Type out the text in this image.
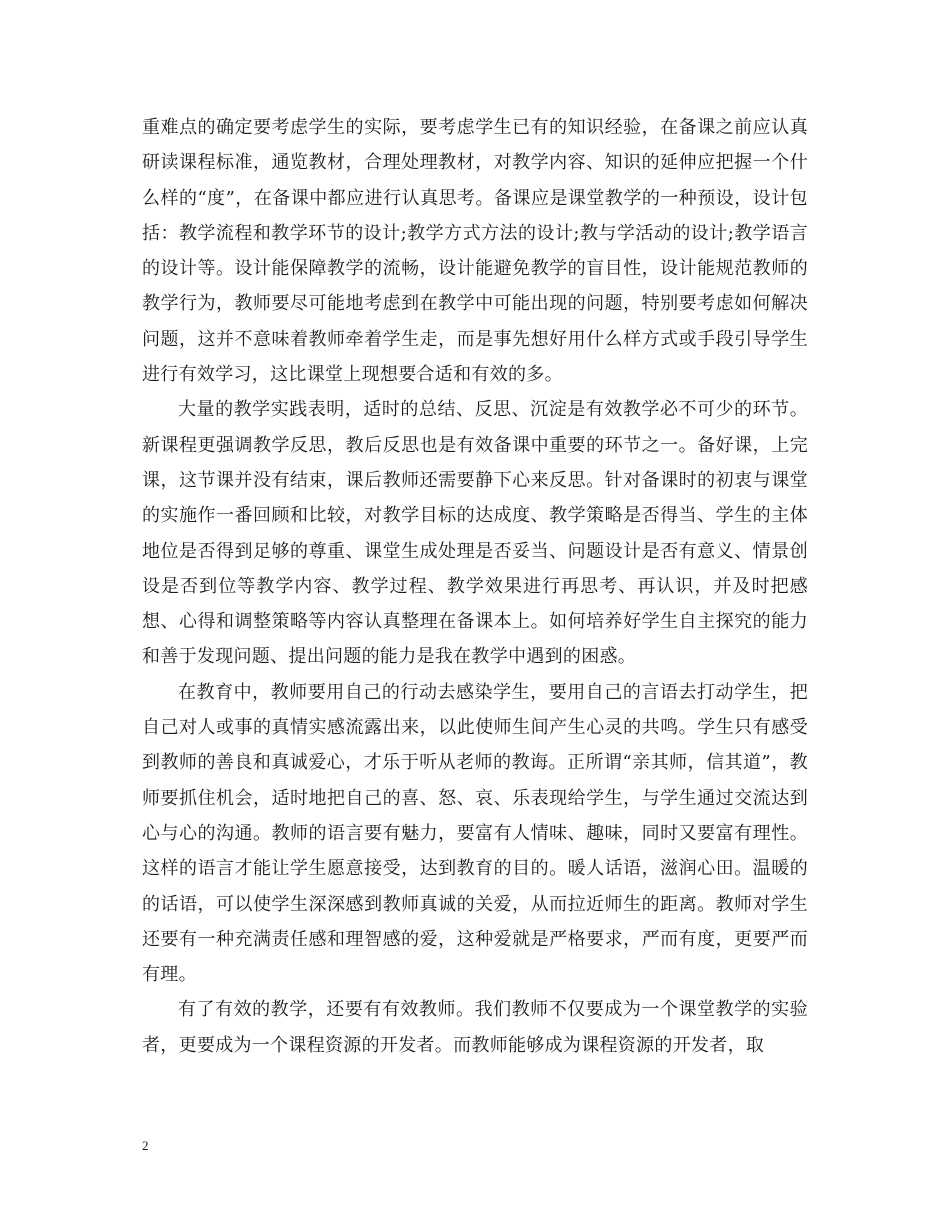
重难点的确定要考虑学生的实际，要考虑学生已有的知识经验，在备课之前应认真研读课程标准，通览教材，合理处理教材，对教学内容、知识的延伸应把握一个什么样的“度”，在备课中都应进行认真思考。备课应是课堂教学的一种预设，设计包括：教学流程和教学环节的设计;教学方式方法的设计;教与学活动的设计;教学语言的设计等。设计能保障教学的流畅，设计能避免教学的盲目性，设计能规范教师的教学行为，教师要尽可能地考虑到在教学中可能出现的问题，特别要考虑如何解决问题，这并不意味着教师牵着学生走，而是事先想好用什么样方式或手段引导学生进行有效学习，这比课堂上现想要合适和有效的多。

大量的教学实践表明，适时的总结、反思、沉淀是有效教学必不可少的环节。新课程更强调教学反思，教后反思也是有效备课中重要的环节之一。备好课，上完课，这节课并没有结束，课后教师还需要静下心来反思。针对备课时的初衷与课堂的实施作一番回顾和比较，对教学目标的达成度、教学策略是否得当、学生的主体地位是否得到足够的尊重、课堂生成处理是否妥当、问题设计是否有意义、情景创设是否到位等教学内容、教学过程、教学效果进行再思考、再认识，并及时把感想、心得和调整策略等内容认真整理在备课本上。如何培养好学生自主探究的能力和善于发现问题、提出问题的能力是我在教学中遇到的困惑。

在教育中，教师要用自己的行动去感染学生，要用自己的言语去打动学生，把自己对人或事的真情实感流露出来，以此使师生间产生心灵的共鸣。学生只有感受到教师的善良和真诚爱心，才乐于听从老师的教诲。正所谓“亲其师，信其道”，教师要抓住机会，适时地把自己的喜、怒、哀、乐表现给学生，与学生通过交流达到心与心的沟通。教师的语言要有魅力，要富有人情味、趣味，同时又要富有理性。这样的语言才能让学生愿意接受，达到教育的目的。暖人话语，滋润心田。温暖的的话语，可以使学生深深感到教师真诚的关爱，从而拉近师生的距离。教师对学生还要有一种充满责任感和理智感的爱，这种爱就是严格要求，严而有度，更要严而有理。

有了有效的教学，还要有有效教师。我们教师不仅要成为一个课堂教学的实验者，更要成为一个课程资源的开发者。而教师能够成为课程资源的开发者，取

2
